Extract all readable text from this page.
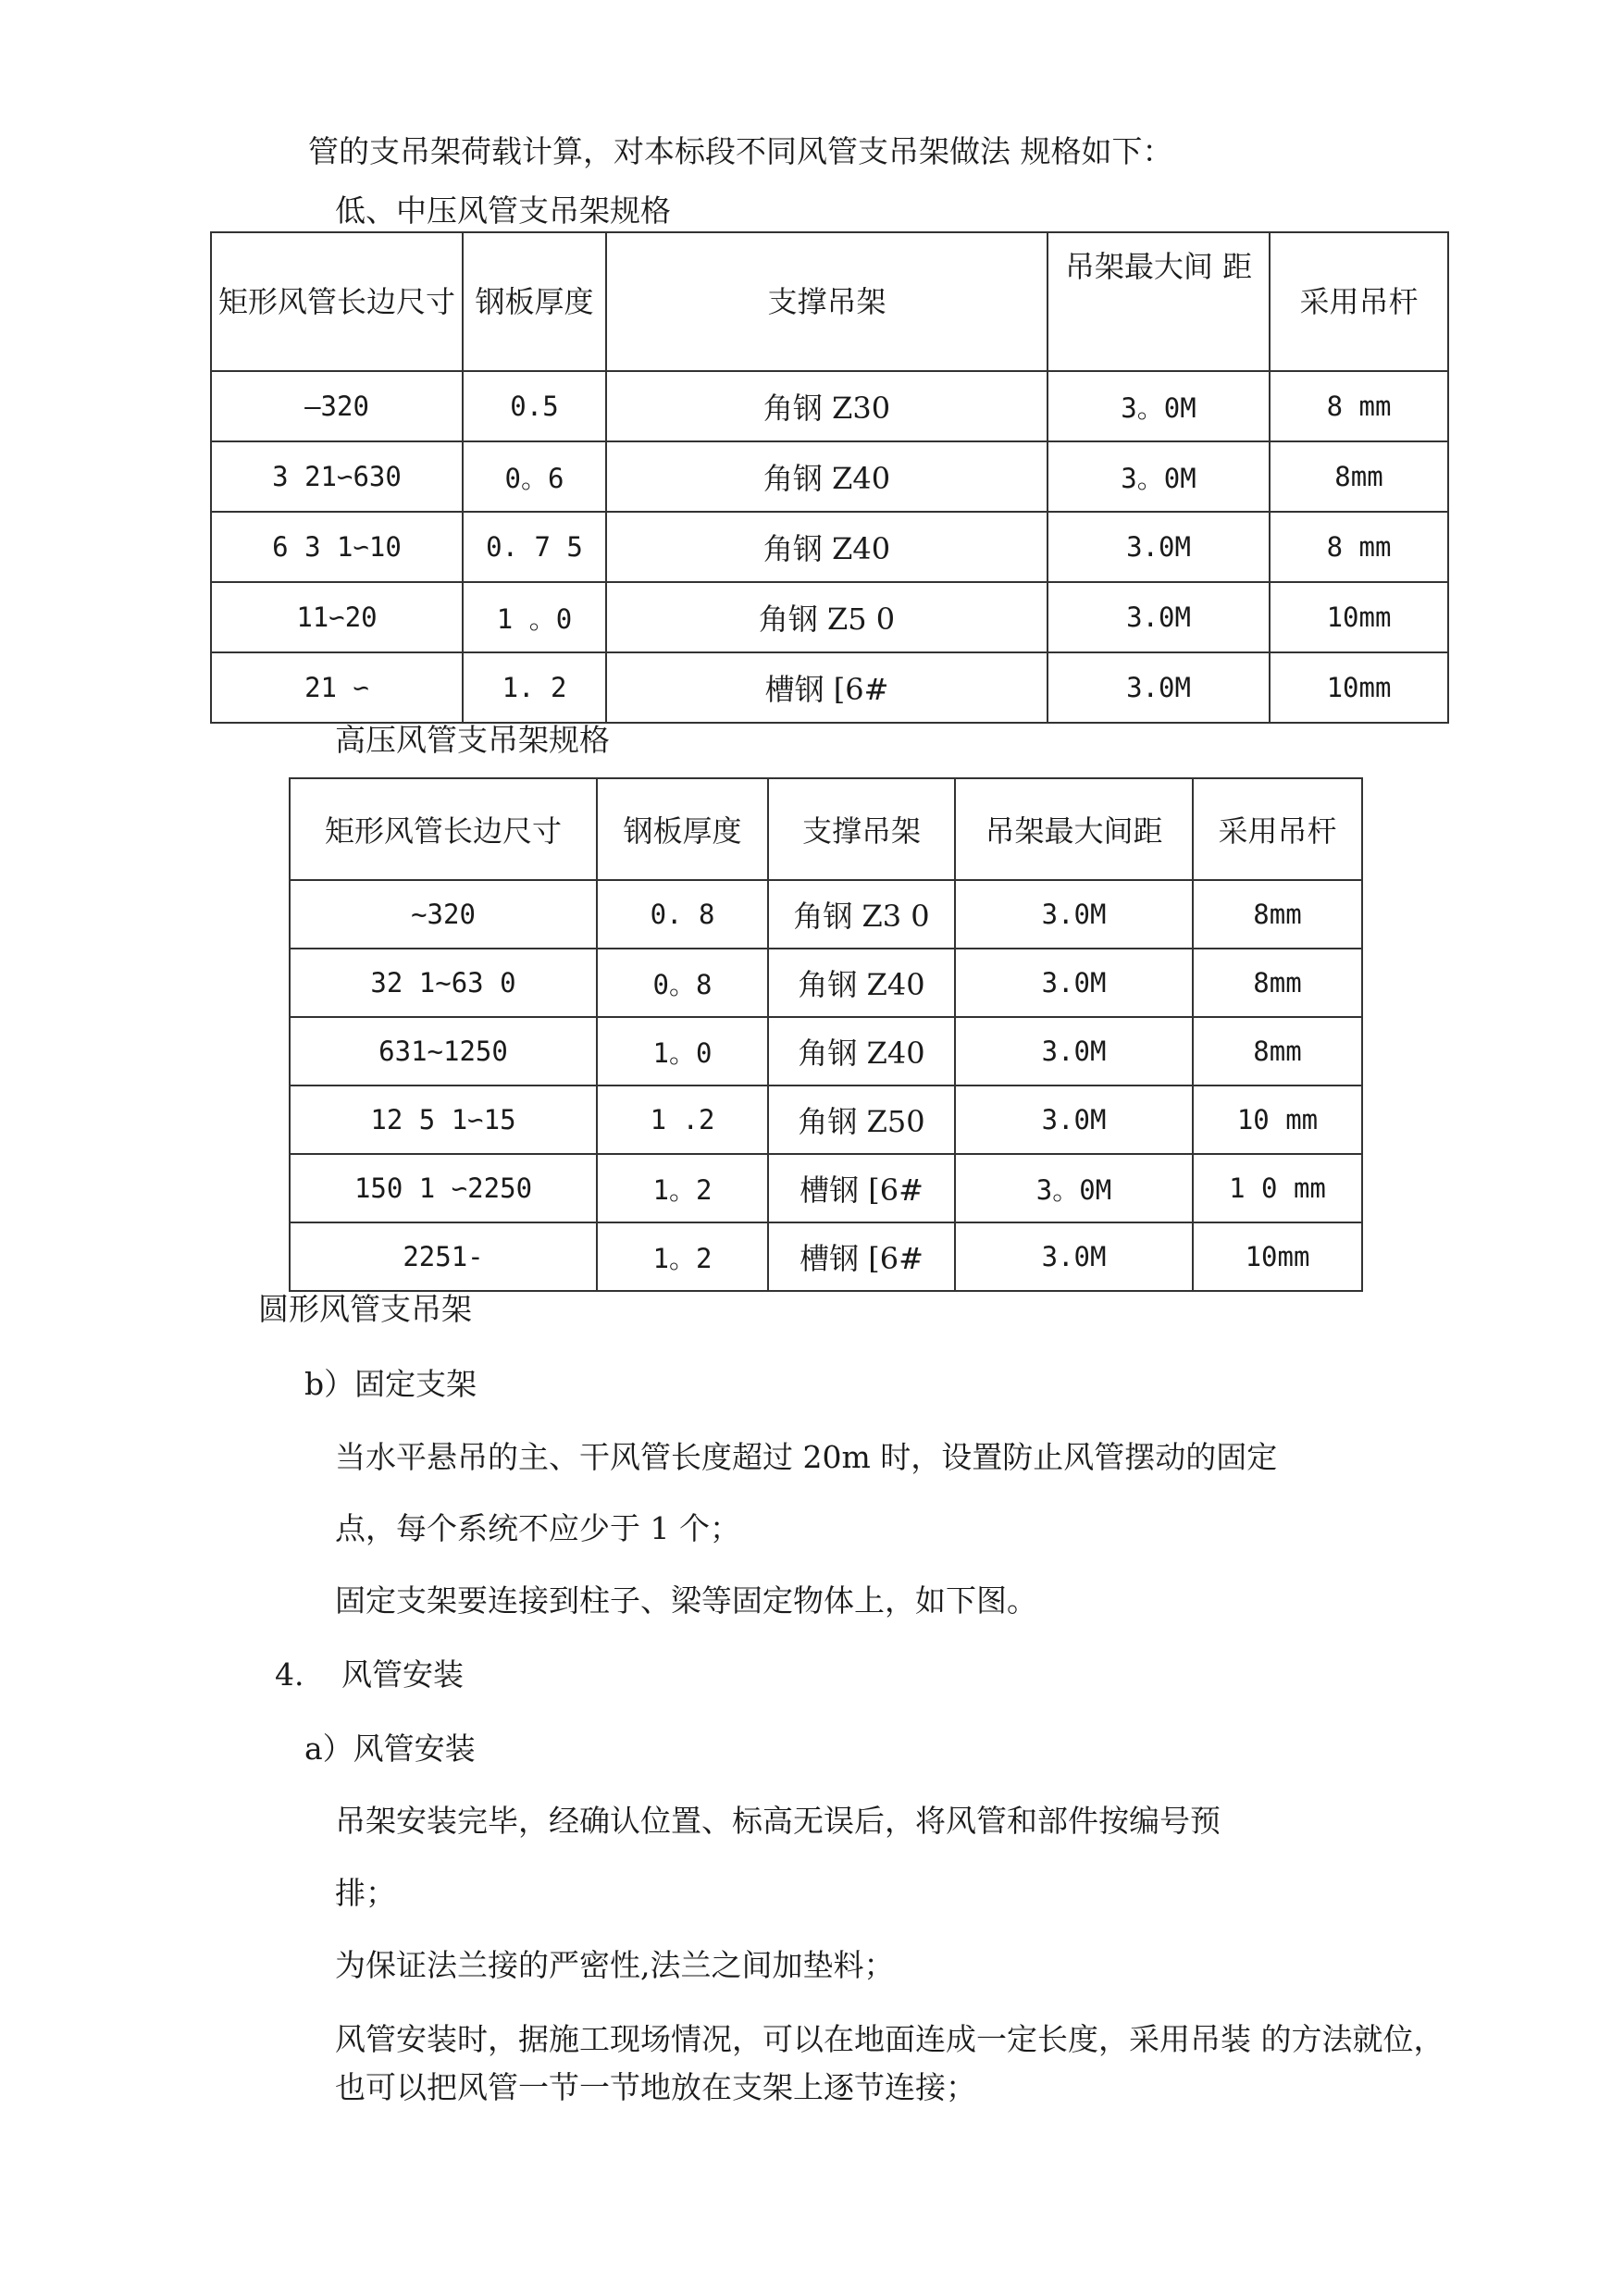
管的支吊架荷载计算，对本标段不同风管支吊架做法 规格如下：
低、中压风管支吊架规格
矩形风管长边尺寸	钢板厚度	支撑吊架	吊架最大间 距	采用吊杆
—320	0.5	角钢 Z30	3。0M	8 mm
3 21∽630	0。6	角钢 Z40	3。0M	8mm
6 3 1∽10	0. 7 5	角钢 Z40	3.0M	8 mm
11∽20	1 。0	角钢 Z5 0	3.0M	10mm
21 ∽	1. 2	槽钢 [6#	3.0M	10mm
高压风管支吊架规格
矩形风管长边尺寸	钢板厚度	支撑吊架	吊架最大间距	采用吊杆
~320	0. 8	角钢 Z3 0	3.0M	8mm
32 1~63 0	0。8	角钢 Z40	3.0M	8mm
631~1250	1。0	角钢 Z40	3.0M	8mm
12 5 1∽15	1 .2	角钢 Z50	3.0M	10 mm
150 1 ∽2250	1。2	槽钢 [6#	3。0M	1 0 mm
2251-	1。2	槽钢 [6#	3.0M	10mm
圆形风管支吊架
b）固定支架
当水平悬吊的主、干风管长度超过 20m 时，设置防止风管摆动的固定
点，每个系统不应少于 1 个；
固定支架要连接到柱子、梁等固定物体上，如下图。
4. 风管安装
a）风管安装
吊架安装完毕，经确认位置、标高无误后，将风管和部件按编号预
排；
为保证法兰接的严密性,法兰之间加垫料；
风管安装时，据施工现场情况，可以在地面连成一定长度，采用吊装 的方法就位，
也可以把风管一节一节地放在支架上逐节连接；
